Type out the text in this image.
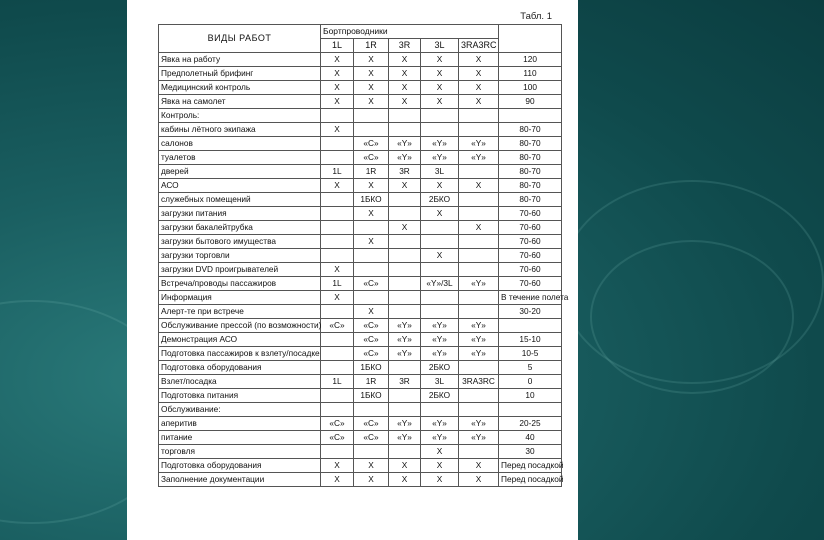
Табл. 1
ВИДЫ РАБОТ	Бортпроводники					
	1L	1R	3R	3L	3RA3RC	
Явка на работу	X	X	X	X	X	120
Предполетный брифинг	X	X	X	X	X	110
Медицинский контроль	X	X	X	X	X	100
Явка на самолет	X	X	X	X	X	90
Контроль:						
кабины лётного экипажа	X					80-70
салонов		«C»	«Y»	«Y»	«Y»	80-70
туалетов		«C»	«Y»	«Y»	«Y»	80-70
дверей	1L	1R	3R	3L		80-70
АСО	X	X	X	X	X	80-70
служебных помещений		1БКО		2БКО		80-70
загрузки питания		X		X		70-60
загрузки бакалейтрубка			X		X	70-60
загрузки бытового имущества		X				70-60
загрузки торговли				X		70-60
загрузки DVD проигрывателей	X					70-60
Встреча/проводы пассажиров	1L	«C»		«Y»/3L	«Y»	70-60
Информация	X					В течение полета
Алерт-те при встрече		X				30-20
Обслуживание прессой (по возможности)	«C»	«C»	«Y»	«Y»	«Y»	
Демонстрация АСО		«C»	«Y»	«Y»	«Y»	15-10
Подготовка пассажиров к взлету/посадке		«C»	«Y»	«Y»	«Y»	10-5
Подготовка оборудования		1БКО		2БКО		5
Взлет/посадка	1L	1R	3R	3L	3RA3RC	0
Подготовка питания		1БКО		2БКО		10
Обслуживание:						
аперитив	«C»	«C»	«Y»	«Y»	«Y»	20-25
питание	«C»	«C»	«Y»	«Y»	«Y»	40
торговля				X		30
Подготовка оборудования	X	X	X	X	X	Перед посадкой
Заполнение документации	X	X	X	X	X	Перед посадкой
